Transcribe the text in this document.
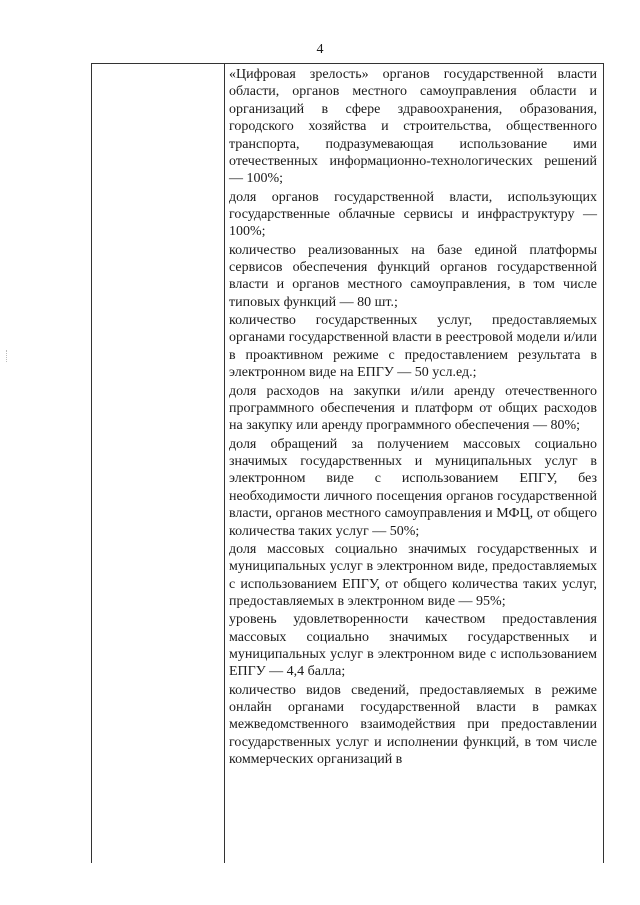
4

«Цифровая зрелость» органов государственной власти области, органов местного самоуправления области и организаций в сфере здравоохранения, образования, городского хозяйства и строительства, общественного транспорта, подразумевающая использование ими отечественных информационно-технологических решений — 100%;

доля органов государственной власти, использующих государственные облачные сервисы и инфраструктуру — 100%;

количество реализованных на базе единой платформы сервисов обеспечения функций органов государственной власти и органов местного самоуправления, в том числе типовых функций — 80 шт.;

количество государственных услуг, предоставляемых органами государственной власти в реестровой модели и/или в проактивном режиме с предоставлением результата в электронном виде на ЕПГУ — 50 усл.ед.;

доля расходов на закупки и/или аренду отечественного программного обеспечения и платформ от общих расходов на закупку или аренду программного обеспечения — 80%;

доля обращений за получением массовых социально значимых государственных и муниципальных услуг в электронном виде с использованием ЕПГУ, без необходимости личного посещения органов государственной власти, органов местного самоуправления и МФЦ, от общего количества таких услуг — 50%;

доля массовых социально значимых государственных и муниципальных услуг в электронном виде, предоставляемых с использованием ЕПГУ, от общего количества таких услуг, предоставляемых в электронном виде — 95%;

уровень удовлетворенности качеством предоставления массовых социально значимых государственных и муниципальных услуг в электронном виде с использованием ЕПГУ — 4,4 балла;

количество видов сведений, предоставляемых в режиме онлайн органами государственной власти в рамках межведомственного взаимодействия при предоставлении государственных услуг и исполнении функций, в том числе коммерческих организаций в
